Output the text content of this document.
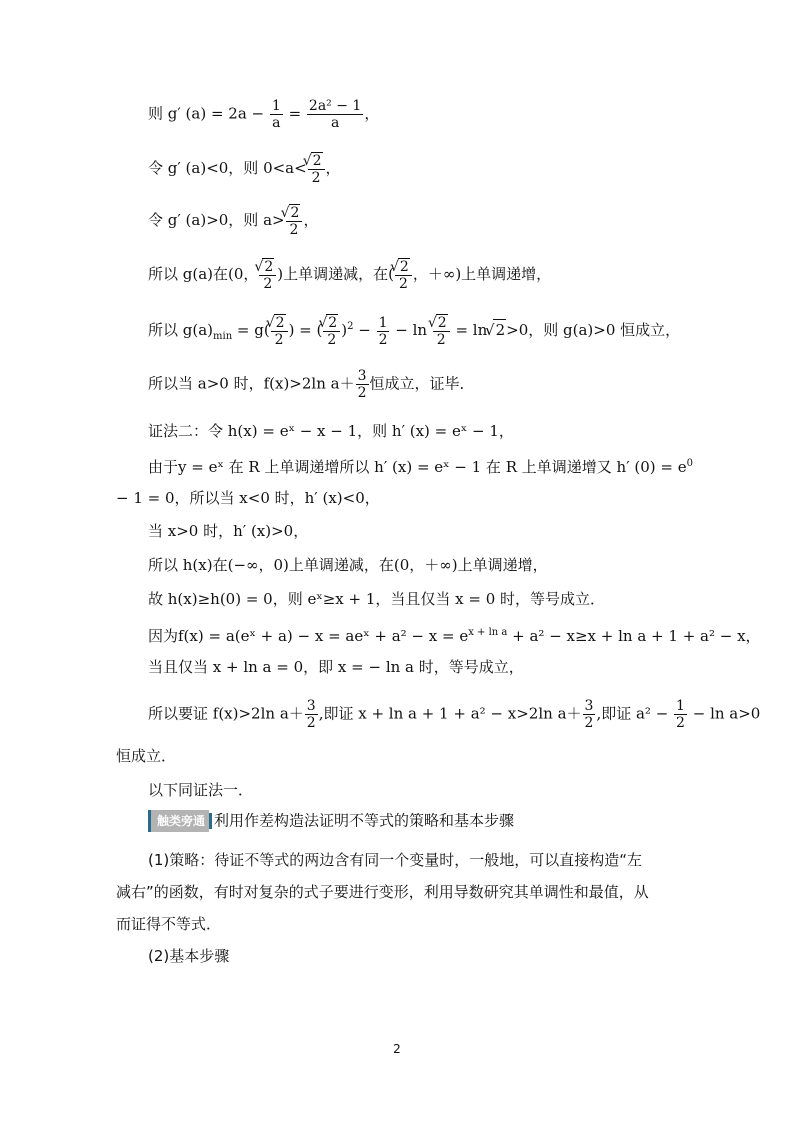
则 g′ $(a) = 2a - \frac{1}{a} = \frac{\text{2a² − 1}}{a}$ ，
令 g′ (a)<0，则 0<a< √ $\frac{2}{2}$ ，
令 g′ (a)>0，则 a> √ $\frac{2}{2}$ ，
所以 g(a)在(0， √ $\frac{2}{2}$ )上单调递减，在( √ $\frac{2}{2}$ ，＋∞)上单调递增，
所以 $g(a)_{min} = g$( √ $\frac{2}{2}$ ) = ( √ $\frac{2}{2} )^2 - \frac{1}{2} - \ln$ √ $\frac{2}{2} = \ln$ √ 2>0，则 g(a)>0 恒成立，
所以当 a>0 时，f(x)>2ln $a+ \frac{3}{2}$ 恒成立，证毕．
证法二：令 h(x) = eˣ − x − 1，则 h′ (x) = eˣ − 1，
由于y = eˣ 在 R 上单调递增所以 h′ (x) = eˣ − 1 在 R 上单调递增又 h′ $(0) = e^0$
− 1 = 0，所以当 x<0 时，h′ (x)<0，
当 x>0 时，h′ (x)>0，
所以 h(x)在(−∞，0)上单调递减，在(0，＋∞)上单调递增，
故 h(x)≥h(0) = 0，则 eˣ≥x + 1，当且仅当 x = 0 时，等号成立．
因为f(x) = a(eˣ + a) − x = aeˣ + $a^2 - x = e^{x + ln a} + a^2 - x\ge x + \ln a + 1 + a^2 - x$，
当且仅当 x + ln a = 0，即 x = − ln a 时，等号成立，
所以要证 f(x)>2ln $a+ \frac{3}{2}$ ,即证 x + ln a + 1 + a² − x>2ln $a+ \frac{3}{2}$ ,即证 $a^2 - \frac{1}{2} - \ln a>0$
恒成立．
以下同证法一．
触类旁通 利用作差构造法证明不等式的策略和基本步骤
(1)策略：待证不等式的两边含有同一个变量时，一般地，可以直接构造“左
减右”的函数，有时对复杂的式子要进行变形，利用导数研究其单调性和最值，从
而证得不等式．
(2)基本步骤
2
